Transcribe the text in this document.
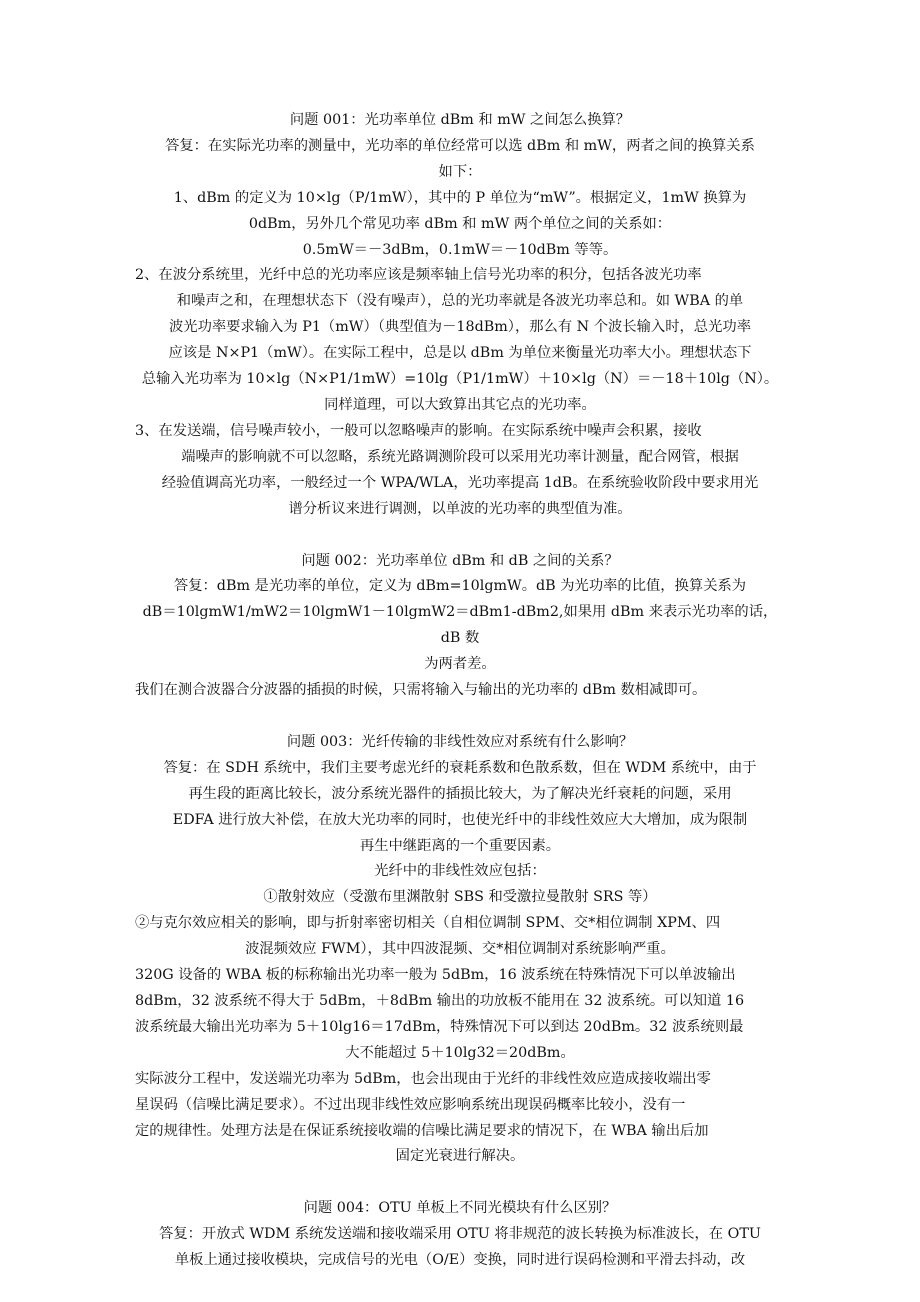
问题 001：光功率单位 dBm 和 mW 之间怎么换算？

答复：在实际光功率的测量中，光功率的单位经常可以选 dBm 和 mW，两者之间的换算关系

如下：

1、dBm 的定义为 10×lg（P/1mW），其中的 P 单位为“mW”。根据定义，1mW 换算为

0dBm，另外几个常见功率 dBm 和 mW 两个单位之间的关系如：

0.5mW＝－3dBm，0.1mW＝－10dBm 等等。

2、在波分系统里，光纤中总的光功率应该是频率轴上信号光功率的积分，包括各波光功率

和噪声之和，在理想状态下（没有噪声），总的光功率就是各波光功率总和。如 WBA 的单

波光功率要求输入为 P1（mW）（典型值为－18dBm），那么有 N 个波长输入时，总光功率

应该是 N×P1（mW）。在实际工程中，总是以 dBm 为单位来衡量光功率大小。理想状态下

总输入光功率为 10×lg（N×P1/1mW）=10lg（P1/1mW）＋10×lg（N）＝－18＋10lg（N）。

同样道理，可以大致算出其它点的光功率。

3、在发送端，信号噪声较小，一般可以忽略噪声的影响。在实际系统中噪声会积累，接收

端噪声的影响就不可以忽略，系统光路调测阶段可以采用光功率计测量，配合网管，根据

经验值调高光功率，一般经过一个 WPA/WLA，光功率提高 1dB。在系统验收阶段中要求用光

谱分析议来进行调测，以单波的光功率的典型值为准。

问题 002：光功率单位 dBm 和 dB 之间的关系？

答复：dBm 是光功率的单位，定义为 dBm=10lgmW。dB 为光功率的比值，换算关系为

dB＝10lgmW1/mW2＝10lgmW1－10lgmW2＝dBm1-dBm2,如果用 dBm 来表示光功率的话，dB 数

为两者差。

我们在测合波器合分波器的插损的时候，只需将输入与输出的光功率的 dBm 数相减即可。

问题 003：光纤传输的非线性效应对系统有什么影响？

答复：在 SDH 系统中，我们主要考虑光纤的衰耗系数和色散系数，但在 WDM 系统中，由于

再生段的距离比较长，波分系统光器件的插损比较大，为了解决光纤衰耗的问题，采用

EDFA 进行放大补偿，在放大光功率的同时，也使光纤中的非线性效应大大增加，成为限制

再生中继距离的一个重要因素。

光纤中的非线性效应包括：

①散射效应（受激布里渊散射 SBS 和受激拉曼散射 SRS 等）

②与克尔效应相关的影响，即与折射率密切相关（自相位调制 SPM、交*相位调制 XPM、四

波混频效应 FWM），其中四波混频、交*相位调制对系统影响严重。

320G 设备的 WBA 板的标称输出光功率一般为 5dBm，16 波系统在特殊情况下可以单波输出

8dBm，32 波系统不得大于 5dBm，＋8dBm 输出的功放板不能用在 32 波系统。可以知道 16

波系统最大输出光功率为 5＋10lg16＝17dBm，特殊情况下可以到达 20dBm。32 波系统则最

大不能超过 5＋10lg32＝20dBm。

实际波分工程中，发送端光功率为 5dBm，也会出现由于光纤的非线性效应造成接收端出零

星误码（信噪比满足要求）。不过出现非线性效应影响系统出现误码概率比较小，没有一

定的规律性。处理方法是在保证系统接收端的信噪比满足要求的情况下，在 WBA 输出后加

固定光衰进行解决。

问题 004：OTU 单板上不同光模块有什么区别？

答复：开放式 WDM 系统发送端和接收端采用 OTU 将非规范的波长转换为标准波长，在 OTU

单板上通过接收模块，完成信号的光电（O/E）变换，同时进行误码检测和平滑去抖动，改
